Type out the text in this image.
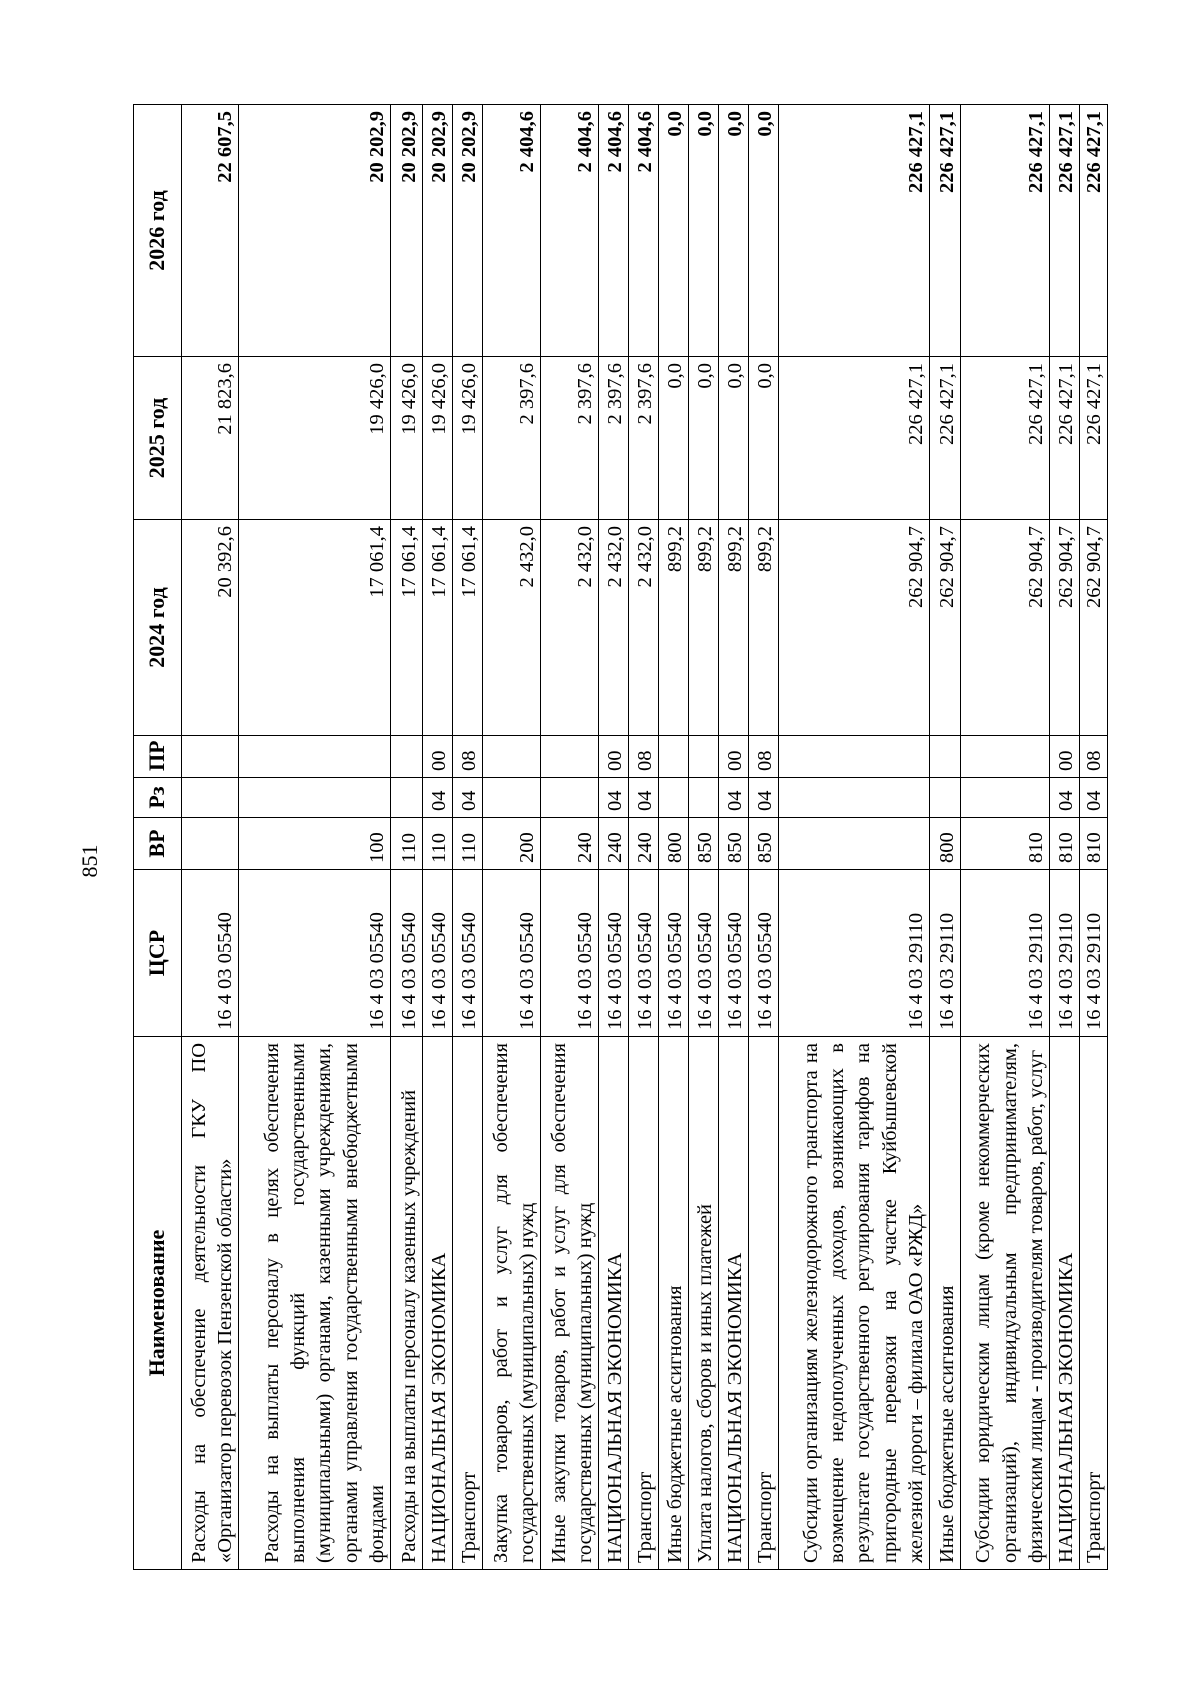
851
Наименование	ЦСР	ВР	Рз	ПР	2024 год	2025 год	2026 год
Расходы на обеспечение деятельности ГКУ ПО «Организатор перевозок Пензенской области»	16 4 03 05540				20 392,6	21 823,6	22 607,5
Расходы на выплаты персоналу в целях обеспечения выполнения функций государственными (муниципальными) органами, казенными учреждениями, органами управления государственными внебюджетными фондами	16 4 03 05540	100			17 061,4	19 426,0	20 202,9
Расходы на выплаты персоналу казенных учреждений	16 4 03 05540	110			17 061,4	19 426,0	20 202,9
НАЦИОНАЛЬНАЯ ЭКОНОМИКА	16 4 03 05540	110	04	00	17 061,4	19 426,0	20 202,9
Транспорт	16 4 03 05540	110	04	08	17 061,4	19 426,0	20 202,9
Закупка товаров, работ и услуг для обеспечения государственных (муниципальных) нужд	16 4 03 05540	200			2 432,0	2 397,6	2 404,6
Иные закупки товаров, работ и услуг для обеспечения государственных (муниципальных) нужд	16 4 03 05540	240			2 432,0	2 397,6	2 404,6
НАЦИОНАЛЬНАЯ ЭКОНОМИКА	16 4 03 05540	240	04	00	2 432,0	2 397,6	2 404,6
Транспорт	16 4 03 05540	240	04	08	2 432,0	2 397,6	2 404,6
Иные бюджетные ассигнования	16 4 03 05540	800			899,2	0,0	0,0
Уплата налогов, сборов и иных платежей	16 4 03 05540	850			899,2	0,0	0,0
НАЦИОНАЛЬНАЯ ЭКОНОМИКА	16 4 03 05540	850	04	00	899,2	0,0	0,0
Транспорт	16 4 03 05540	850	04	08	899,2	0,0	0,0
Субсидии организациям железнодорожного транспорта на возмещение недополученных доходов, возникающих в результате государственного регулирования тарифов на пригородные перевозки на участке Куйбышевской железной дороги – филиала ОАО «РЖД»	16 4 03 29110				262 904,7	226 427,1	226 427,1
Иные бюджетные ассигнования	16 4 03 29110	800			262 904,7	226 427,1	226 427,1
Субсидии юридическим лицам (кроме некоммерческих организаций), индивидуальным предпринимателям, физическим лицам - производителям товаров, работ, услуг	16 4 03 29110	810			262 904,7	226 427,1	226 427,1
НАЦИОНАЛЬНАЯ ЭКОНОМИКА	16 4 03 29110	810	04	00	262 904,7	226 427,1	226 427,1
Транспорт	16 4 03 29110	810	04	08	262 904,7	226 427,1	226 427,1
